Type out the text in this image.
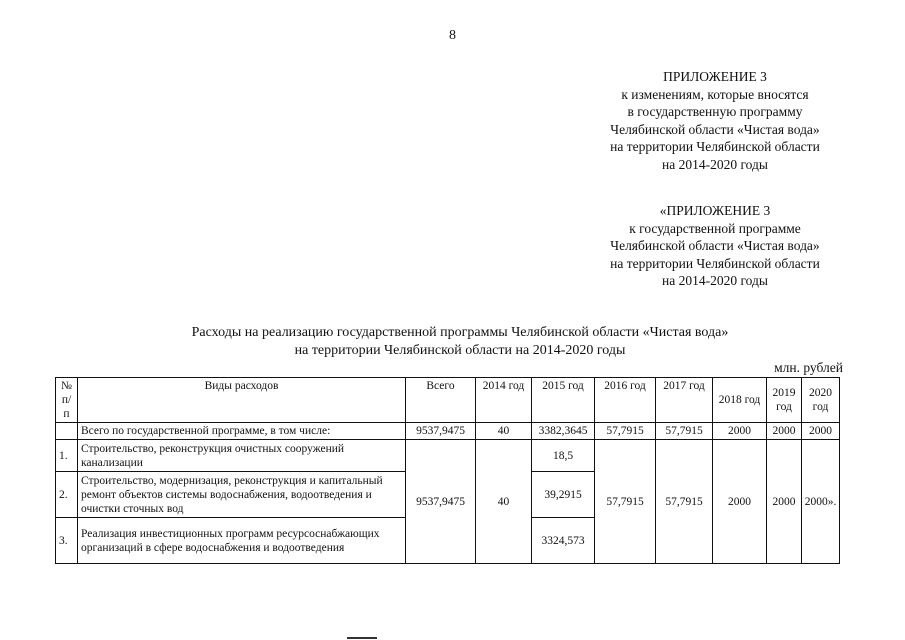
8
ПРИЛОЖЕНИЕ 3
к изменениям, которые вносятся
в государственную программу
Челябинской области «Чистая вода»
на территории Челябинской области
на 2014-2020 годы
«ПРИЛОЖЕНИЕ 3
к государственной программе
Челябинской области «Чистая вода»
на территории Челябинской области
на 2014-2020 годы
Расходы на реализацию государственной программы Челябинской области «Чистая вода»
на территории Челябинской области на 2014-2020 годы
млн. рублей
№ п/п	Виды расходов	Всего	2014 год	2015 год	2016 год	2017 год	2018 год	2019 год	2020 год
	Всего по государственной программе, в том числе:	9537,9475	40	3382,3645	57,7915	57,7915	2000	2000	2000
1.	Строительство, реконструкция очистных сооружений канализации	9537,9475	40	18,5	57,7915	57,7915	2000	2000	2000».
2.	Строительство, модернизация, реконструкция и капитальный ремонт объектов системы водоснабжения, водоотведения и очистки сточных вод			39,2915					
3.	Реализация инвестиционных программ ресурсоснабжающих организаций в сфере водоснабжения и водоотведения			3324,573					
